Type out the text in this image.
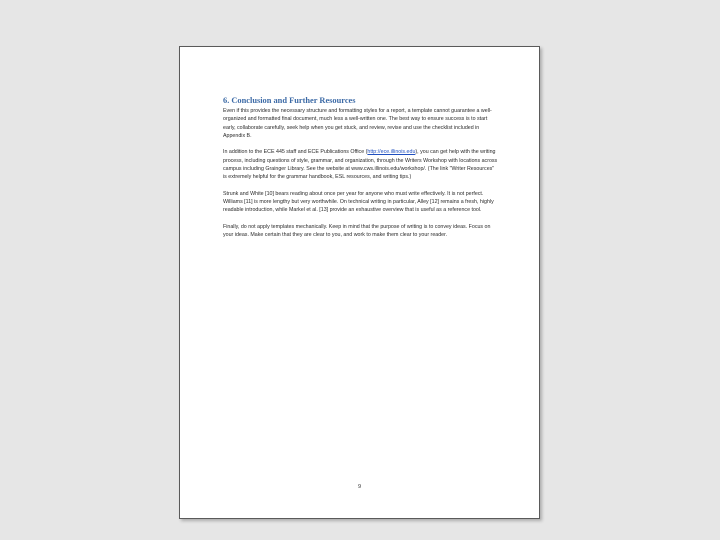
6. Conclusion and Further Resources

Even if this provides the necessary structure and formatting styles for a report, a template cannot guarantee a well-organized and formatted final document, much less a well-written one. The best way to ensure success is to start early, collaborate carefully, seek help when you get stuck, and review, revise and use the checklist included in Appendix B.

In addition to the ECE 445 staff and ECE Publications Office (http://ece.illinois.edu), you can get help with the writing process, including questions of style, grammar, and organization, through the Writers Workshop with locations across campus including Grainger Library. See the website at www.cws.illinois.edu/workshop/. (The link "Writer Resources" is extremely helpful for the grammar handbook, ESL resources, and writing tips.)

Strunk and White [10] bears reading about once per year for anyone who must write effectively. It is not perfect. Williams [11] is more lengthy but very worthwhile. On technical writing in particular, Alley [12] remains a fresh, highly readable introduction, while Markel et al. [13] provide an exhaustive overview that is useful as a reference tool.

Finally, do not apply templates mechanically. Keep in mind that the purpose of writing is to convey ideas. Focus on your ideas. Make certain that they are clear to you, and work to make them clear to your reader.

9
